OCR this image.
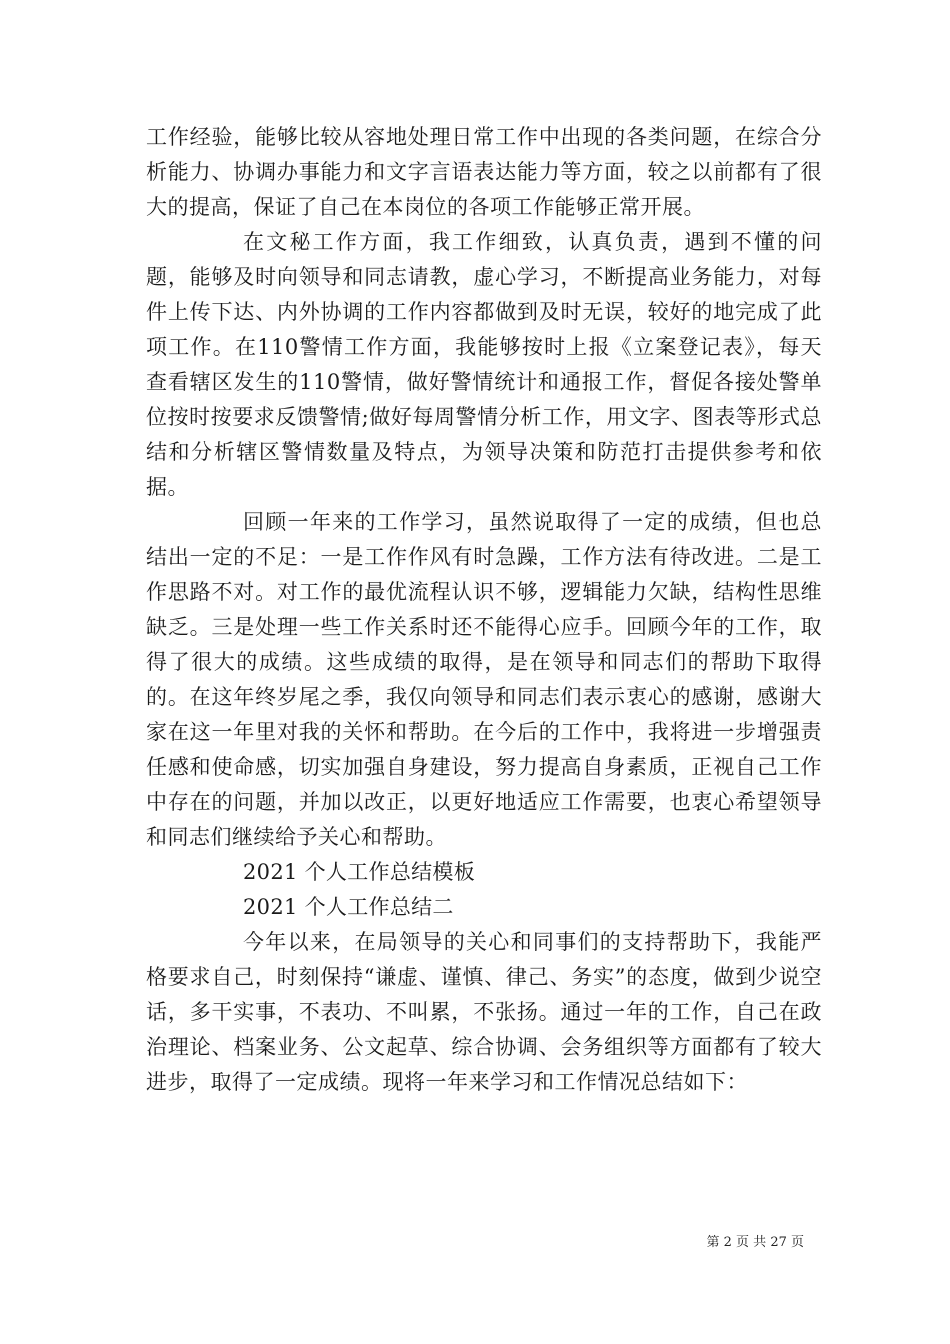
工作经验，能够比较从容地处理日常工作中出现的各类问题，在综合分析能力、协调办事能力和文字言语表达能力等方面，较之以前都有了很大的提高，保证了自己在本岗位的各项工作能够正常开展。

在文秘工作方面，我工作细致，认真负责，遇到不懂的问题，能够及时向领导和同志请教，虚心学习，不断提高业务能力，对每件上传下达、内外协调的工作内容都做到及时无误，较好的地完成了此项工作。在110警情工作方面，我能够按时上报《立案登记表》，每天查看辖区发生的110警情，做好警情统计和通报工作，督促各接处警单位按时按要求反馈警情;做好每周警情分析工作，用文字、图表等形式总结和分析辖区警情数量及特点，为领导决策和防范打击提供参考和依据。

回顾一年来的工作学习，虽然说取得了一定的成绩，但也总结出一定的不足：一是工作作风有时急躁，工作方法有待改进。二是工作思路不对。对工作的最优流程认识不够，逻辑能力欠缺，结构性思维缺乏。三是处理一些工作关系时还不能得心应手。回顾今年的工作，取得了很大的成绩。这些成绩的取得，是在领导和同志们的帮助下取得的。在这年终岁尾之季，我仅向领导和同志们表示衷心的感谢，感谢大家在这一年里对我的关怀和帮助。在今后的工作中，我将进一步增强责任感和使命感，切实加强自身建设，努力提高自身素质，正视自己工作中存在的问题，并加以改正，以更好地适应工作需要，也衷心希望领导和同志们继续给予关心和帮助。

2021 个人工作总结模板

2021 个人工作总结二

今年以来，在局领导的关心和同事们的支持帮助下，我能严格要求自己，时刻保持“谦虚、谨慎、律己、务实”的态度，做到少说空话，多干实事，不表功、不叫累，不张扬。通过一年的工作，自己在政治理论、档案业务、公文起草、综合协调、会务组织等方面都有了较大进步，取得了一定成绩。现将一年来学习和工作情况总结如下：

第 2 页 共 27 页
